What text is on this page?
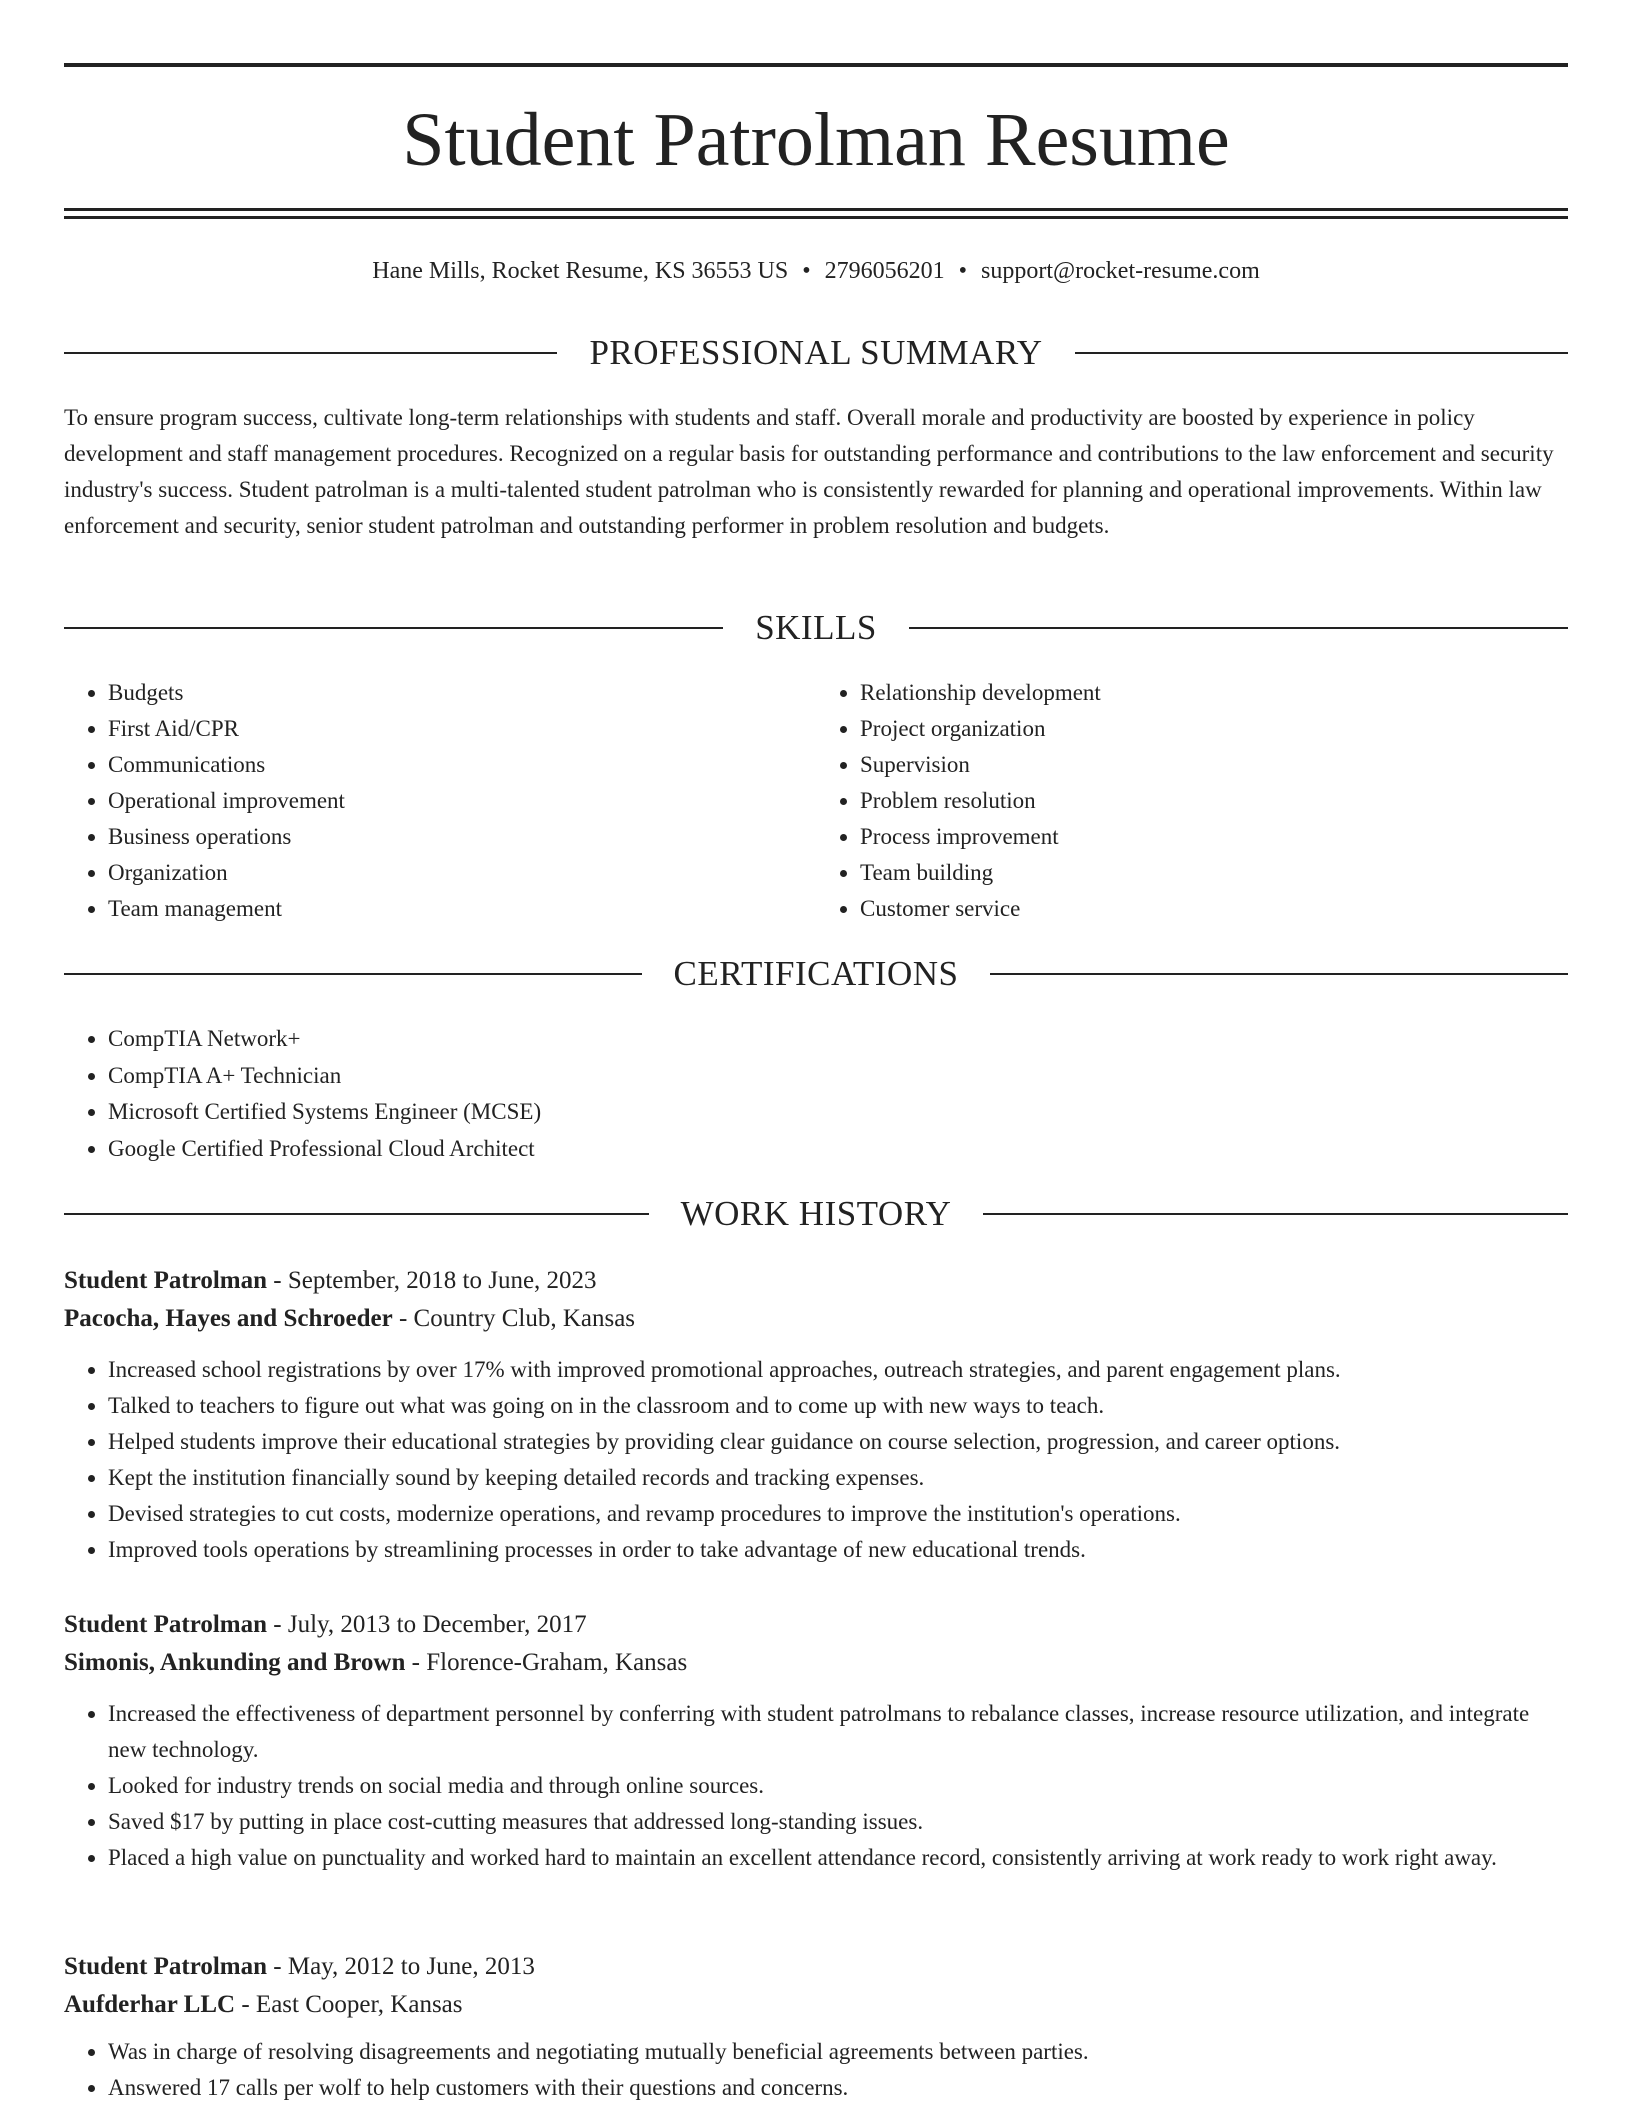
Student Patrolman Resume
Hane Mills, Rocket Resume, KS 36553 US • 2796056201 • support@rocket-resume.com
PROFESSIONAL SUMMARY

To ensure program success, cultivate long-term relationships with students and staff. Overall morale and productivity are boosted by experience in policy development and staff management procedures. Recognized on a regular basis for outstanding performance and contributions to the law enforcement and security industry's success. Student patrolman is a multi-talented student patrolman who is consistently rewarded for planning and operational improvements. Within law enforcement and security, senior student patrolman and outstanding performer in problem resolution and budgets.

SKILLS
• Budgets
• First Aid/CPR
• Communications
• Operational improvement
• Business operations
• Organization
• Team management
• Relationship development
• Project organization
• Supervision
• Problem resolution
• Process improvement
• Team building
• Customer service
CERTIFICATIONS
• CompTIA Network+
• CompTIA A+ Technician
• Microsoft Certified Systems Engineer (MCSE)
• Google Certified Professional Cloud Architect
WORK HISTORY
Student Patrolman - September, 2018 to June, 2023
Pacocha, Hayes and Schroeder - Country Club, Kansas
• Increased school registrations by over 17% with improved promotional approaches, outreach strategies, and parent engagement plans.
• Talked to teachers to figure out what was going on in the classroom and to come up with new ways to teach.
• Helped students improve their educational strategies by providing clear guidance on course selection, progression, and career options.
• Kept the institution financially sound by keeping detailed records and tracking expenses.
• Devised strategies to cut costs, modernize operations, and revamp procedures to improve the institution's operations.
• Improved tools operations by streamlining processes in order to take advantage of new educational trends.
Student Patrolman - July, 2013 to December, 2017
Simonis, Ankunding and Brown - Florence-Graham, Kansas
• Increased the effectiveness of department personnel by conferring with student patrolmans to rebalance classes, increase resource utilization, and integrate new technology.
• Looked for industry trends on social media and through online sources.
• Saved $17 by putting in place cost-cutting measures that addressed long-standing issues.
• Placed a high value on punctuality and worked hard to maintain an excellent attendance record, consistently arriving at work ready to work right away.
Student Patrolman - May, 2012 to June, 2013
Aufderhar LLC - East Cooper, Kansas
• Was in charge of resolving disagreements and negotiating mutually beneficial agreements between parties.
• Answered 17 calls per wolf to help customers with their questions and concerns.
